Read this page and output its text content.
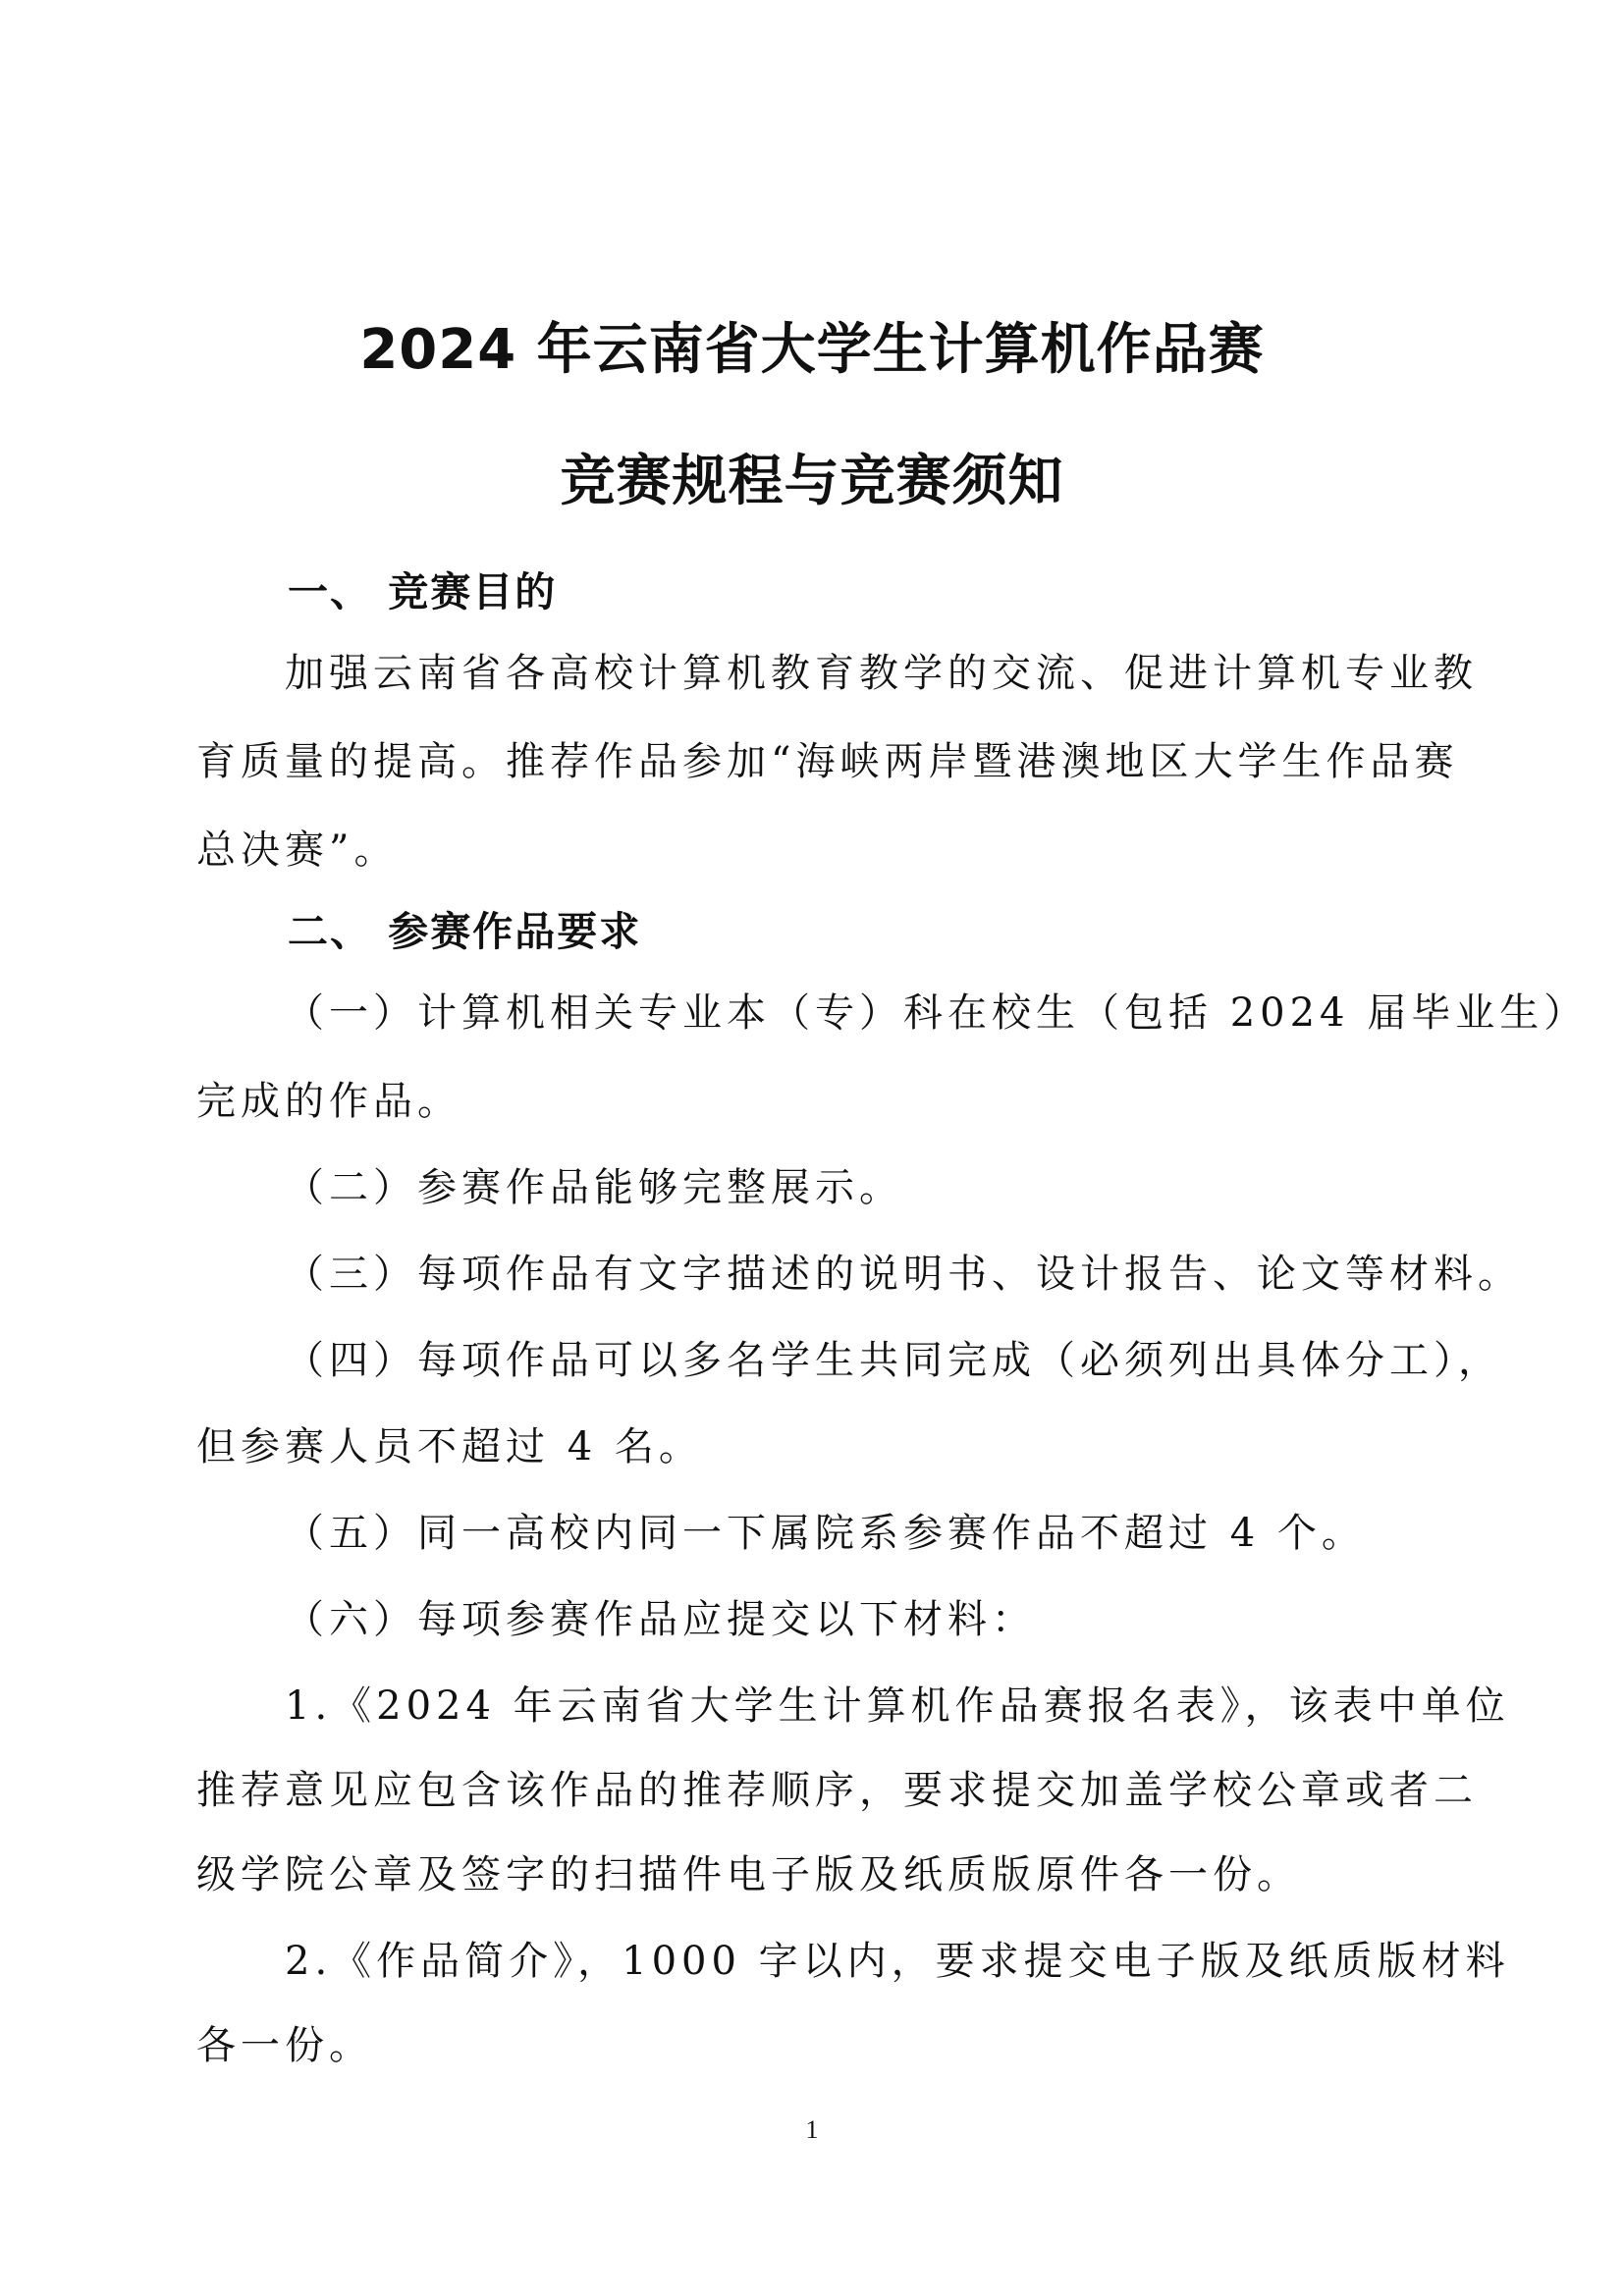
2024 年云南省大学生计算机作品赛
竞赛规程与竞赛须知
一、 竞赛目的
加强云南省各高校计算机教育教学的交流、促进计算机专业教
育质量的提高。推荐作品参加“海峡两岸暨港澳地区大学生作品赛
总决赛”。
二、 参赛作品要求
（一）计算机相关专业本（专）科在校生（包括 2024 届毕业生）
完成的作品。
（二）参赛作品能够完整展示。
（三）每项作品有文字描述的说明书、设计报告、论文等材料。
（四）每项作品可以多名学生共同完成（必须列出具体分工），
但参赛人员不超过 4 名。
（五）同一高校内同一下属院系参赛作品不超过 4 个。
（六）每项参赛作品应提交以下材料：
1.《2024 年云南省大学生计算机作品赛报名表》，该表中单位
推荐意见应包含该作品的推荐顺序，要求提交加盖学校公章或者二
级学院公章及签字的扫描件电子版及纸质版原件各一份。
2.《作品简介》，1000 字以内，要求提交电子版及纸质版材料
各一份。
1
